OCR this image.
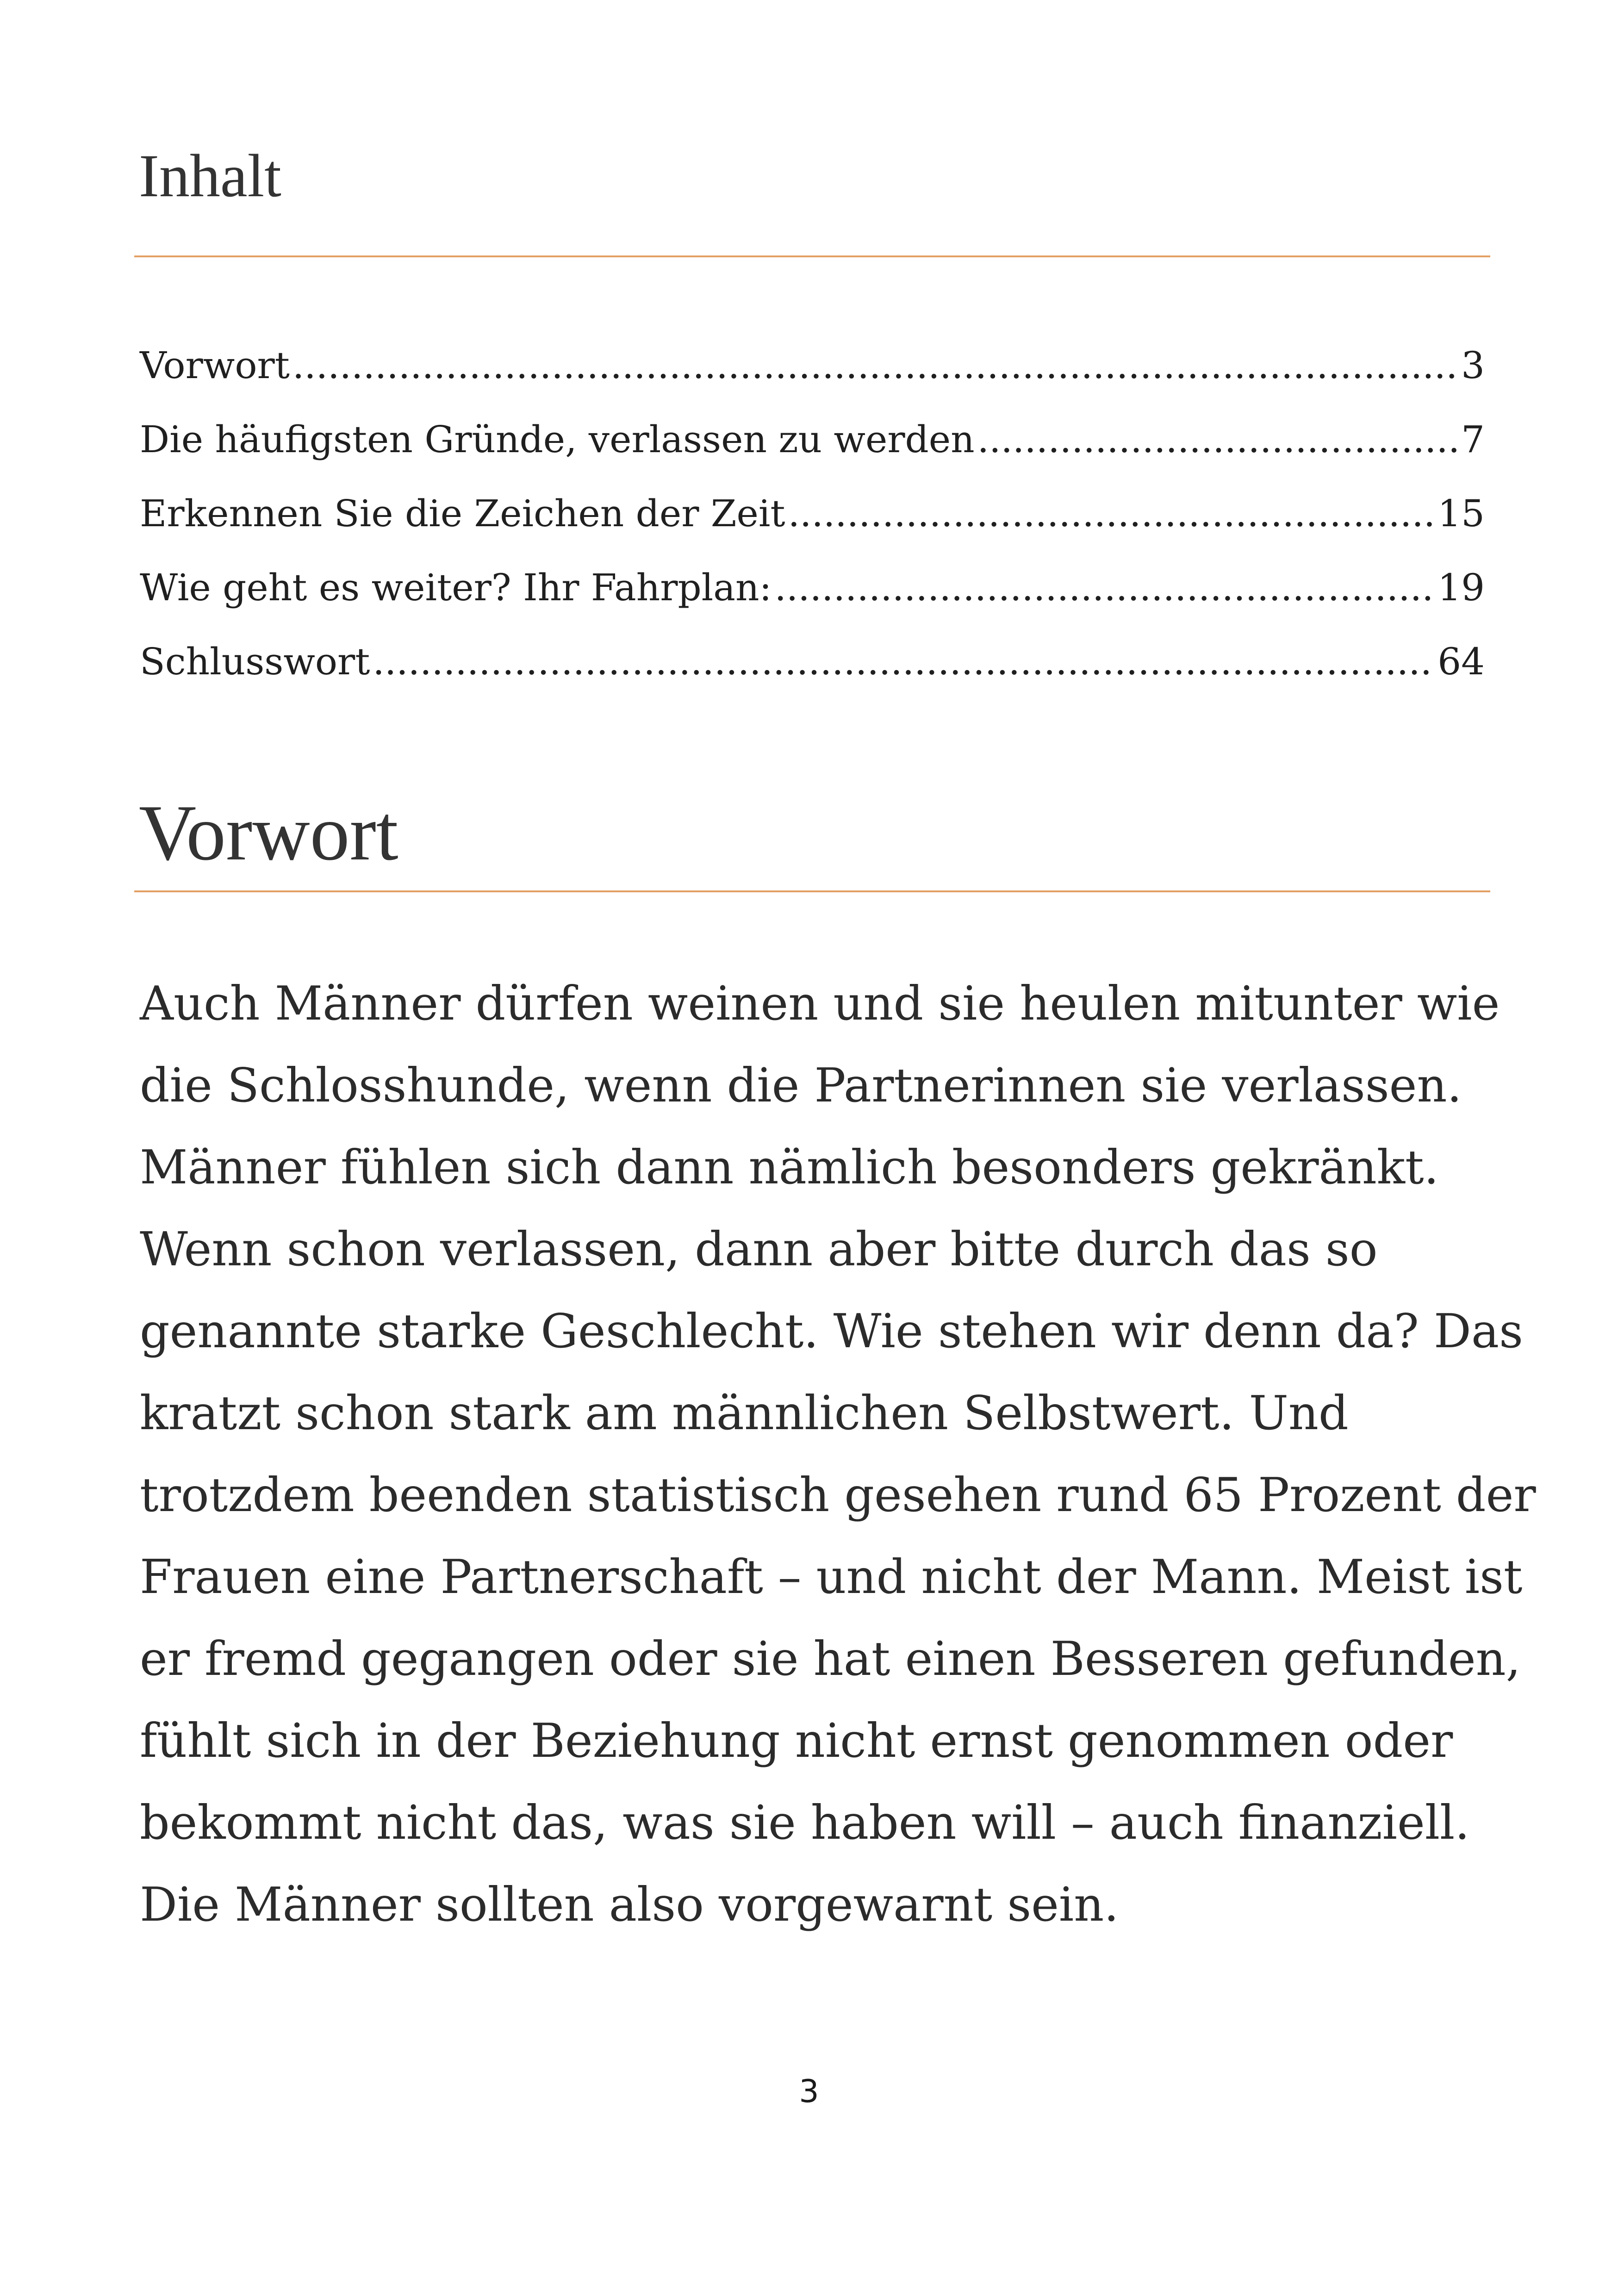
Inhalt
Vorwort .....	3
Die häufigsten Gründe, verlassen zu werden .....	7
Erkennen Sie die Zeichen der Zeit .....	15
Wie geht es weiter? Ihr Fahrplan: .....	19
Schlusswort .....	64
Vorwort

Auch Männer dürfen weinen und sie heulen mitunter wie
die Schlosshunde, wenn die Partnerinnen sie verlassen.
Männer fühlen sich dann nämlich besonders gekränkt.
Wenn schon verlassen, dann aber bitte durch das so
genannte starke Geschlecht. Wie stehen wir denn da? Das
kratzt schon stark am männlichen Selbstwert. Und
trotzdem beenden statistisch gesehen rund 65 Prozent der
Frauen eine Partnerschaft – und nicht der Mann. Meist ist
er fremd gegangen oder sie hat einen Besseren gefunden,
fühlt sich in der Beziehung nicht ernst genommen oder
bekommt nicht das, was sie haben will – auch finanziell.
Die Männer sollten also vorgewarnt sein.

3
